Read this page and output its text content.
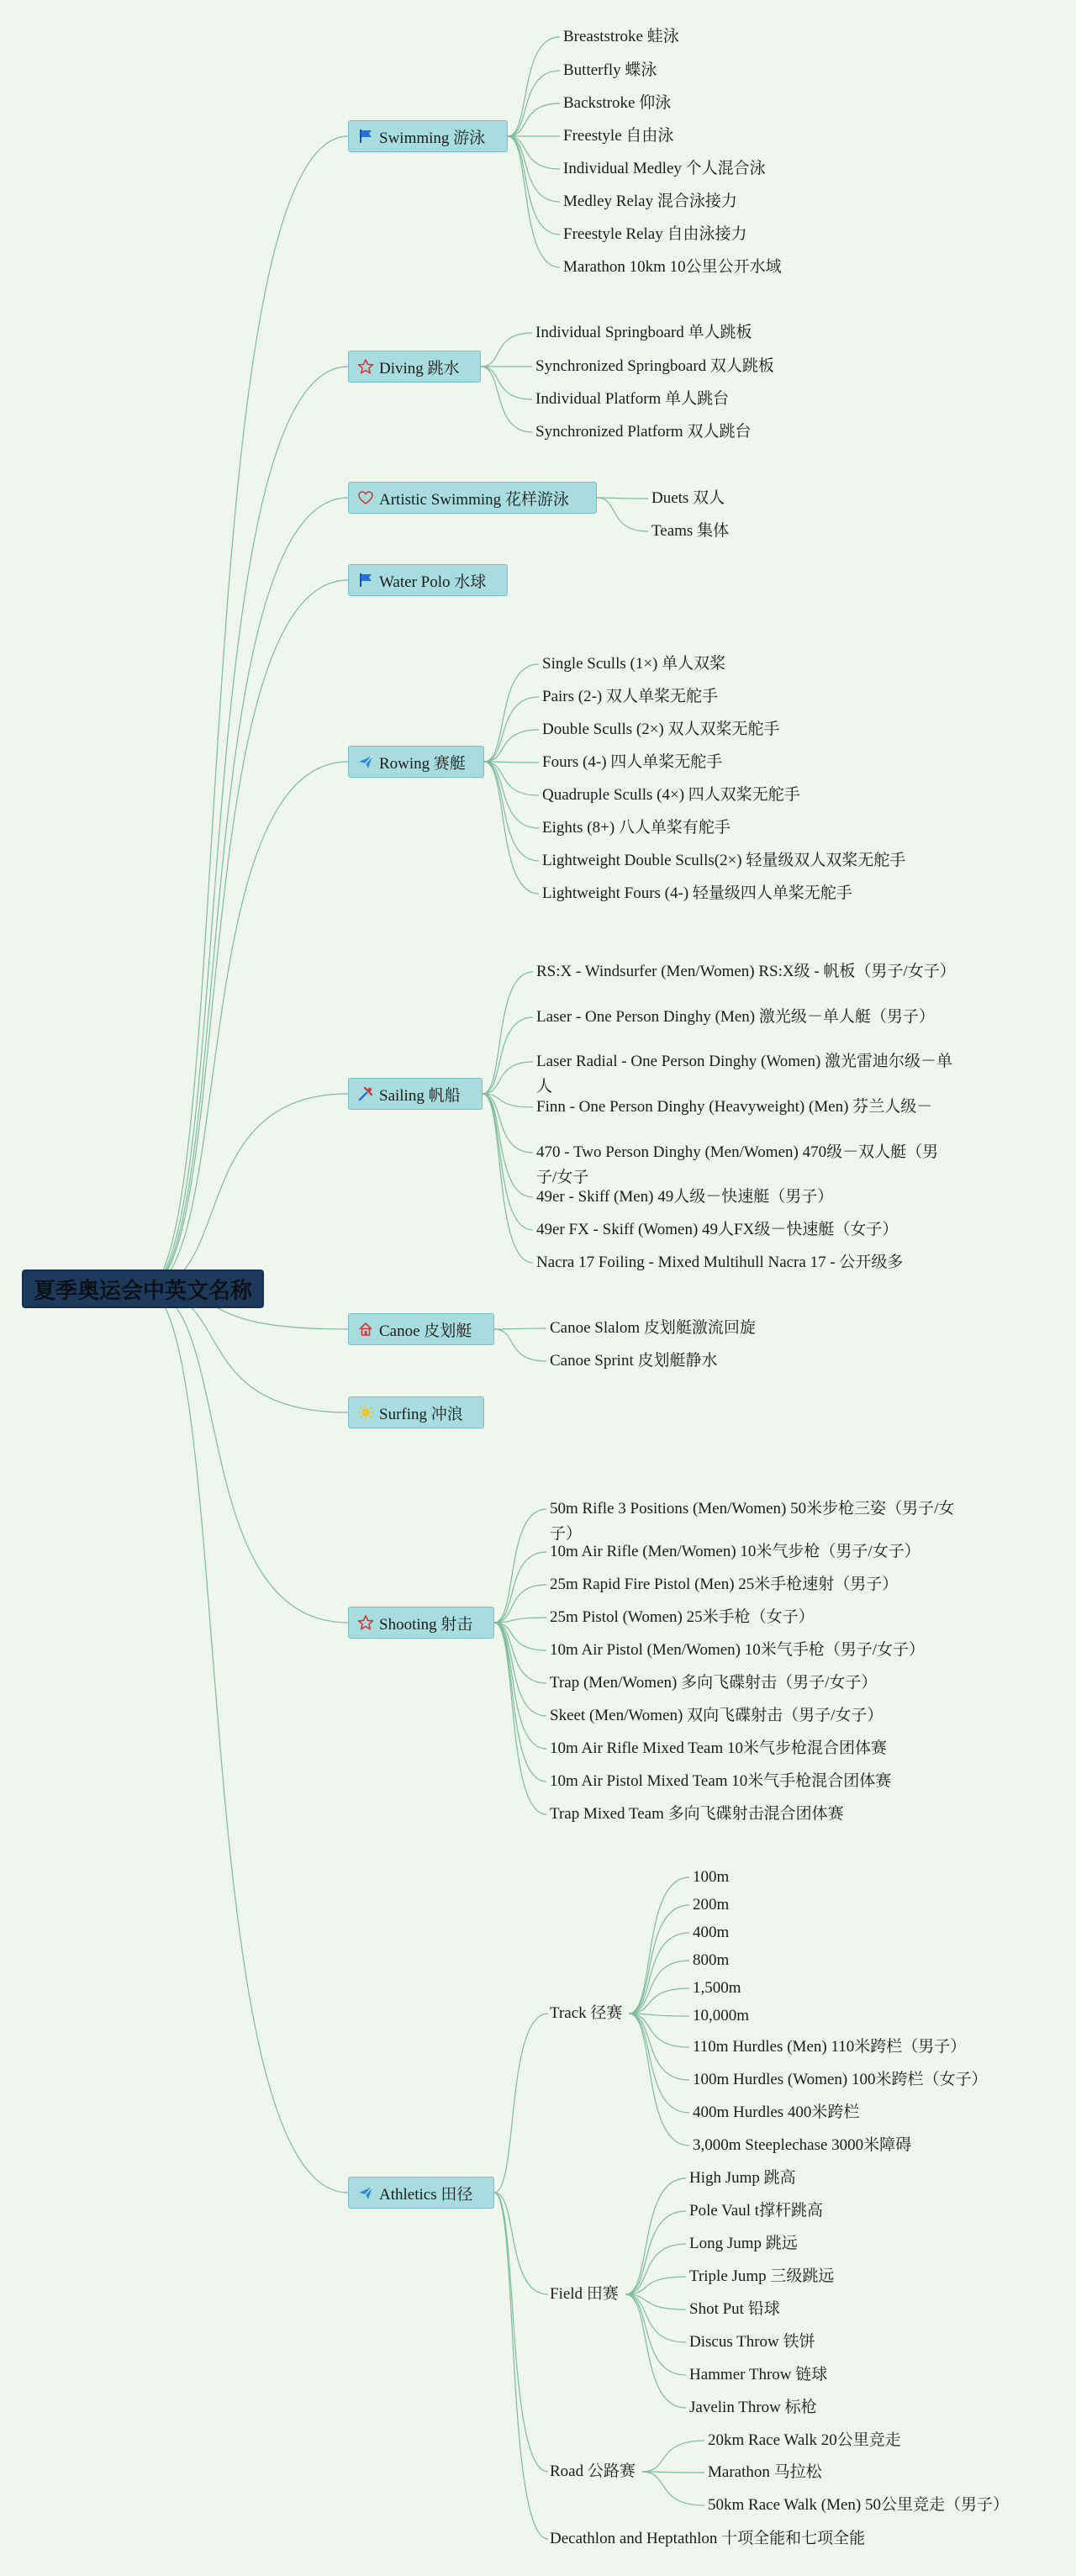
夏季奥运会中英文名称
Swimming 游泳
Breaststroke 蛙泳
Butterfly 蝶泳
Backstroke 仰泳
Freestyle 自由泳
Individual Medley 个人混合泳
Medley Relay 混合泳接力
Freestyle Relay 自由泳接力
Marathon 10km 10公里公开水域
Diving 跳水
Individual Springboard 单人跳板
Synchronized Springboard 双人跳板
Individual Platform 单人跳台
Synchronized Platform 双人跳台
Artistic Swimming 花样游泳	Duets 双人
Teams 集体
Water Polo 水球
Rowing 赛艇
Single Sculls (1×) 单人双桨
Pairs (2-) 双人单桨无舵手
Double Sculls (2×) 双人双桨无舵手
Fours (4-) 四人单桨无舵手
Quadruple Sculls (4×) 四人双桨无舵手
Eights (8+) 八人单桨有舵手
Lightweight Double Sculls(2×) 轻量级双人双桨无舵手
Lightweight Fours (4-) 轻量级四人单桨无舵手
Sailing 帆船
RS:X - Windsurfer (Men/Women) RS:X级 - 帆板（男子/女子）
Laser - One Person Dinghy (Men) 激光级－单人艇（男子）
Laser Radial - One Person Dinghy (Women) 激光雷迪尔级－单人
Finn - One Person Dinghy (Heavyweight) (Men) 芬兰人级－
470 - Two Person Dinghy (Men/Women) 470级－双人艇（男子/女子
49er - Skiff (Men) 49人级－快速艇（男子）
49er FX - Skiff (Women) 49人FX级－快速艇（女子）
Nacra 17 Foiling - Mixed Multihull Nacra 17 - 公开级多
Canoe 皮划艇	Canoe Slalom 皮划艇激流回旋
Canoe Sprint 皮划艇静水
Surfing 冲浪
Shooting 射击
50m Rifle 3 Positions (Men/Women) 50米步枪三姿（男子/女子）
10m Air Rifle (Men/Women) 10米气步枪（男子/女子）
25m Rapid Fire Pistol (Men) 25米手枪速射（男子）
25m Pistol (Women) 25米手枪（女子）
10m Air Pistol (Men/Women) 10米气手枪（男子/女子）
Trap (Men/Women) 多向飞碟射击（男子/女子）
Skeet (Men/Women) 双向飞碟射击（男子/女子）
10m Air Rifle Mixed Team 10米气步枪混合团体赛
10m Air Pistol Mixed Team 10米气手枪混合团体赛
Trap Mixed Team 多向飞碟射击混合团体赛
Athletics 田径
Track 径赛
100m
200m
400m
800m
1,500m
10,000m
110m Hurdles (Men) 110米跨栏（男子）
100m Hurdles (Women) 100米跨栏（女子）
400m Hurdles 400米跨栏
3,000m Steeplechase 3000米障碍
Field 田赛
High Jump 跳高
Pole Vaul t撑杆跳高
Long Jump 跳远
Triple Jump 三级跳远
Shot Put 铅球
Discus Throw 铁饼
Hammer Throw 链球
Javelin Throw 标枪
Road 公路赛
20km Race Walk 20公里竞走
Marathon 马拉松
50km Race Walk (Men) 50公里竞走（男子）
Decathlon and Heptathlon 十项全能和七项全能
